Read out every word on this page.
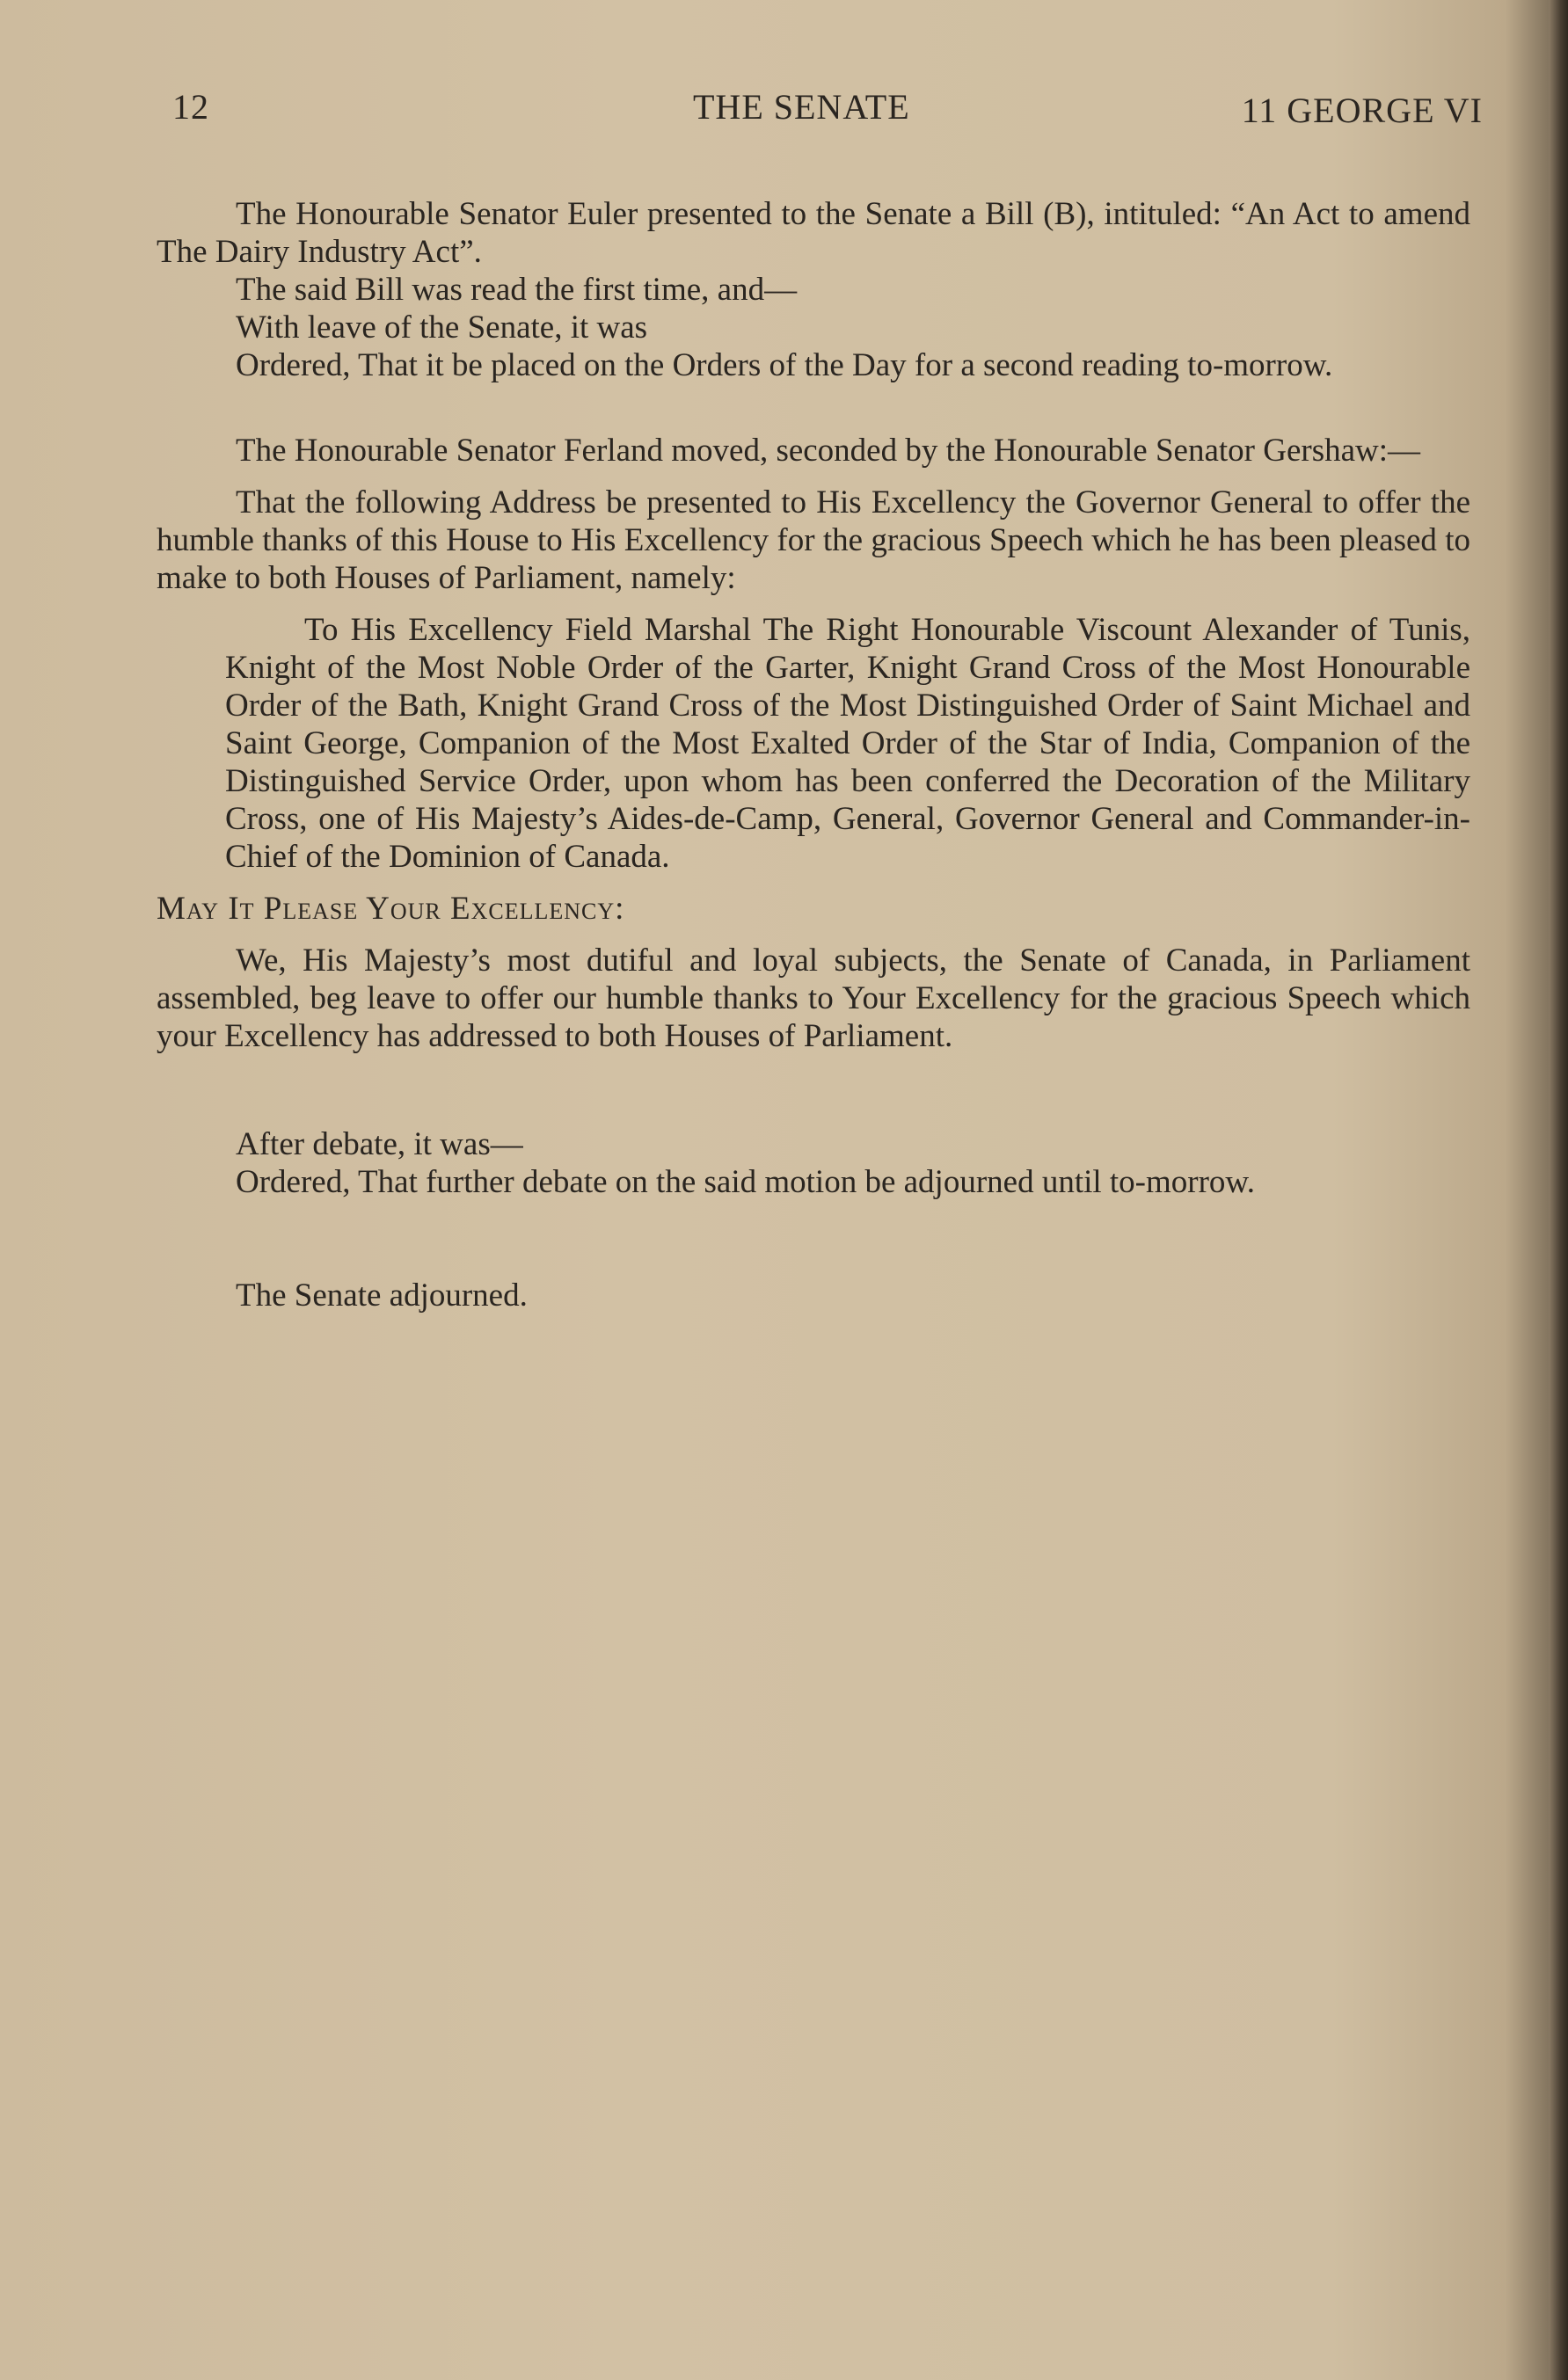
12	THE SENATE	11 GEORGE VI

The Honourable Senator Euler presented to the Senate a Bill (B), intituled: “An Act to amend The Dairy Industry Act”.

The said Bill was read the first time, and—

With leave of the Senate, it was

Ordered, That it be placed on the Orders of the Day for a second reading to-morrow.

The Honourable Senator Ferland moved, seconded by the Honourable Senator Gershaw:—

That the following Address be presented to His Excellency the Governor General to offer the humble thanks of this House to His Excellency for the gracious Speech which he has been pleased to make to both Houses of Parliament, namely:

To His Excellency Field Marshal The Right Honourable Viscount Alexander of Tunis, Knight of the Most Noble Order of the Garter, Knight Grand Cross of the Most Honourable Order of the Bath, Knight Grand Cross of the Most Distinguished Order of Saint Michael and Saint George, Companion of the Most Exalted Order of the Star of India, Companion of the Distinguished Service Order, upon whom has been conferred the Decoration of the Military Cross, one of His Majesty’s Aides-de-Camp, General, Governor General and Commander-in-Chief of the Dominion of Canada.

May It Please Your Excellency:

We, His Majesty’s most dutiful and loyal subjects, the Senate of Canada, in Parliament assembled, beg leave to offer our humble thanks to Your Excellency for the gracious Speech which your Excellency has addressed to both Houses of Parliament.

After debate, it was—

Ordered, That further debate on the said motion be adjourned until to-morrow.

The Senate adjourned.
